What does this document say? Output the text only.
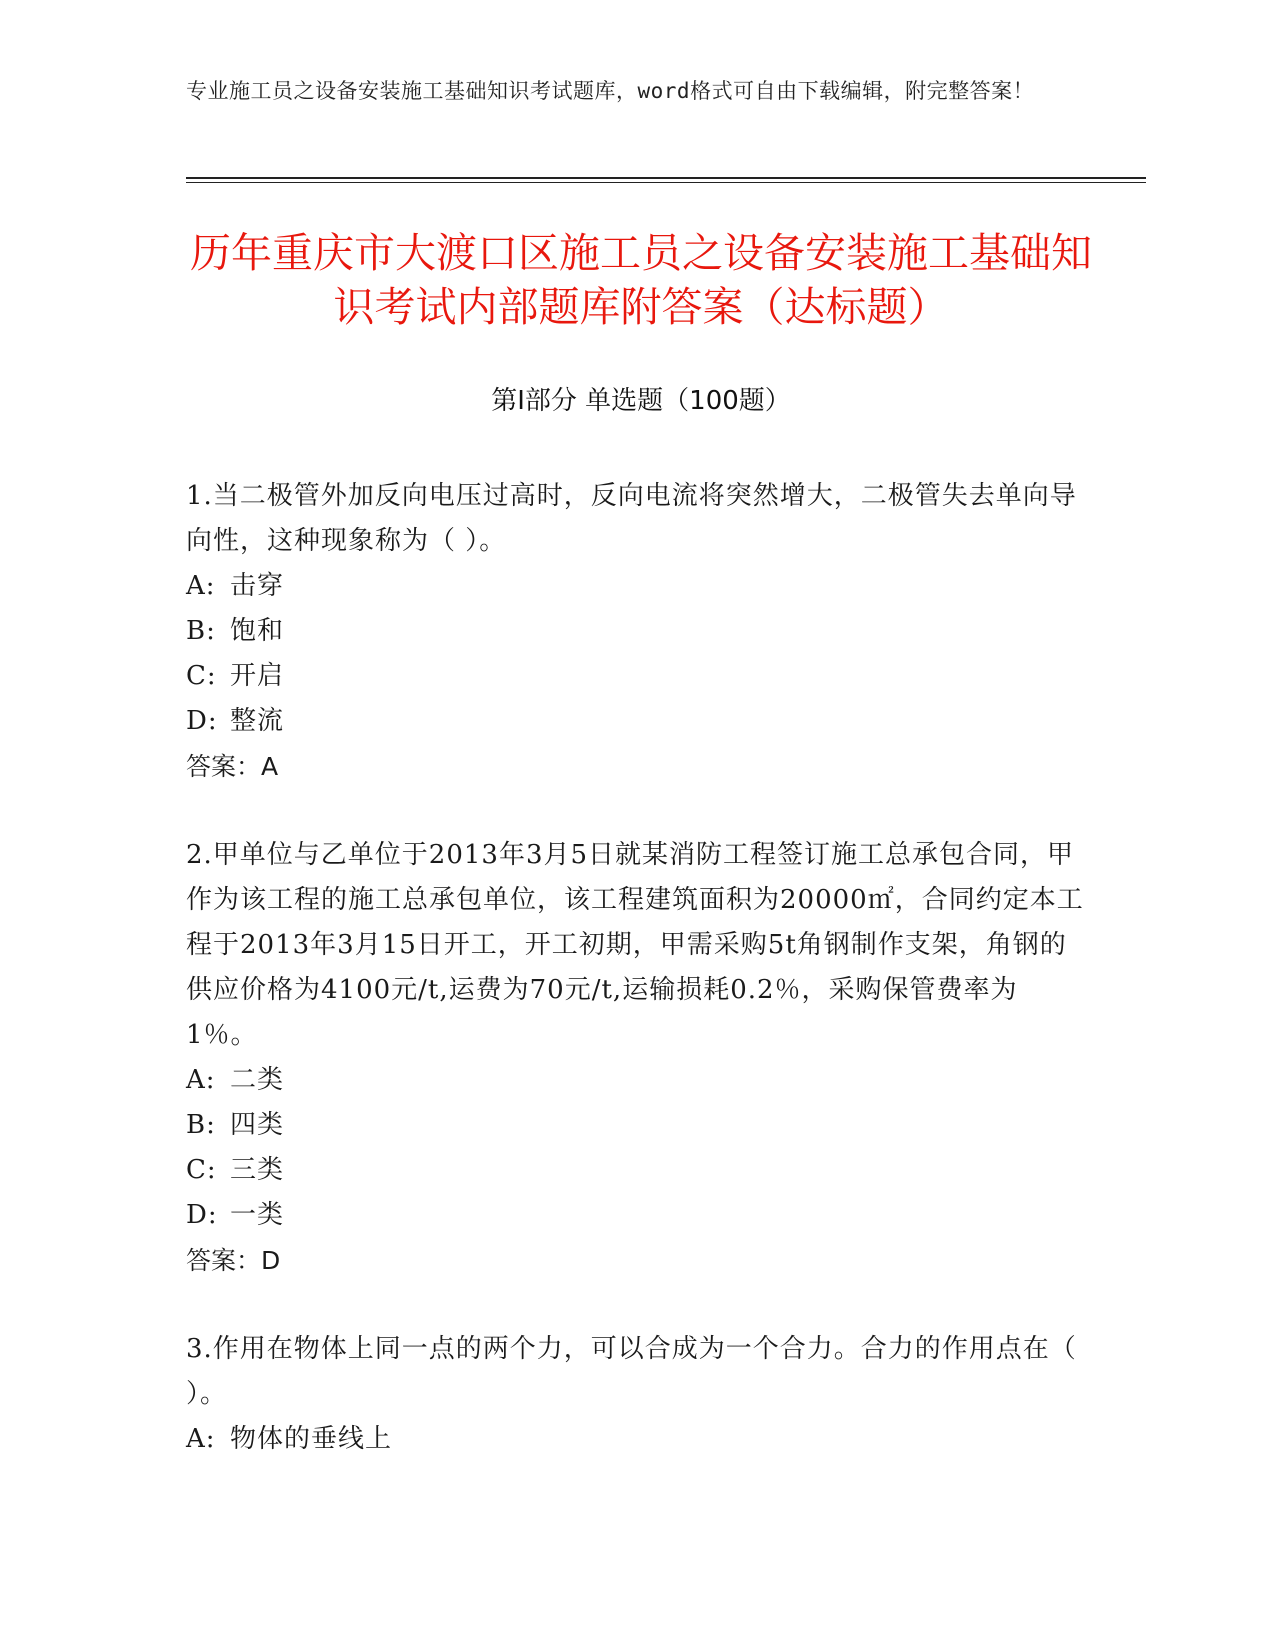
专业施工员之设备安装施工基础知识考试题库，word格式可自由下载编辑，附完整答案！
历年重庆市大渡口区施工员之设备安装施工基础知识考试内部题库附答案（达标题）
第Ⅰ部分 单选题（100题）

1.当二极管外加反向电压过高时，反向电流将突然增大，二极管失去单向导向性，这种现象称为（ ）。

A: 击穿

B: 饱和

C: 开启

D: 整流

答案：A

2.甲单位与乙单位于2013年3月5日就某消防工程签订施工总承包合同，甲作为该工程的施工总承包单位，该工程建筑面积为20000㎡，合同约定本工程于2013年3月15日开工，开工初期，甲需采购5t角钢制作支架，角钢的供应价格为4100元/t,运费为70元/t,运输损耗0.2％，采购保管费率为1％。

A: 二类

B: 四类

C: 三类

D: 一类

答案：D

3.作用在物体上同一点的两个力，可以合成为一个合力。合力的作用点在（ ）。

A: 物体的垂线上
